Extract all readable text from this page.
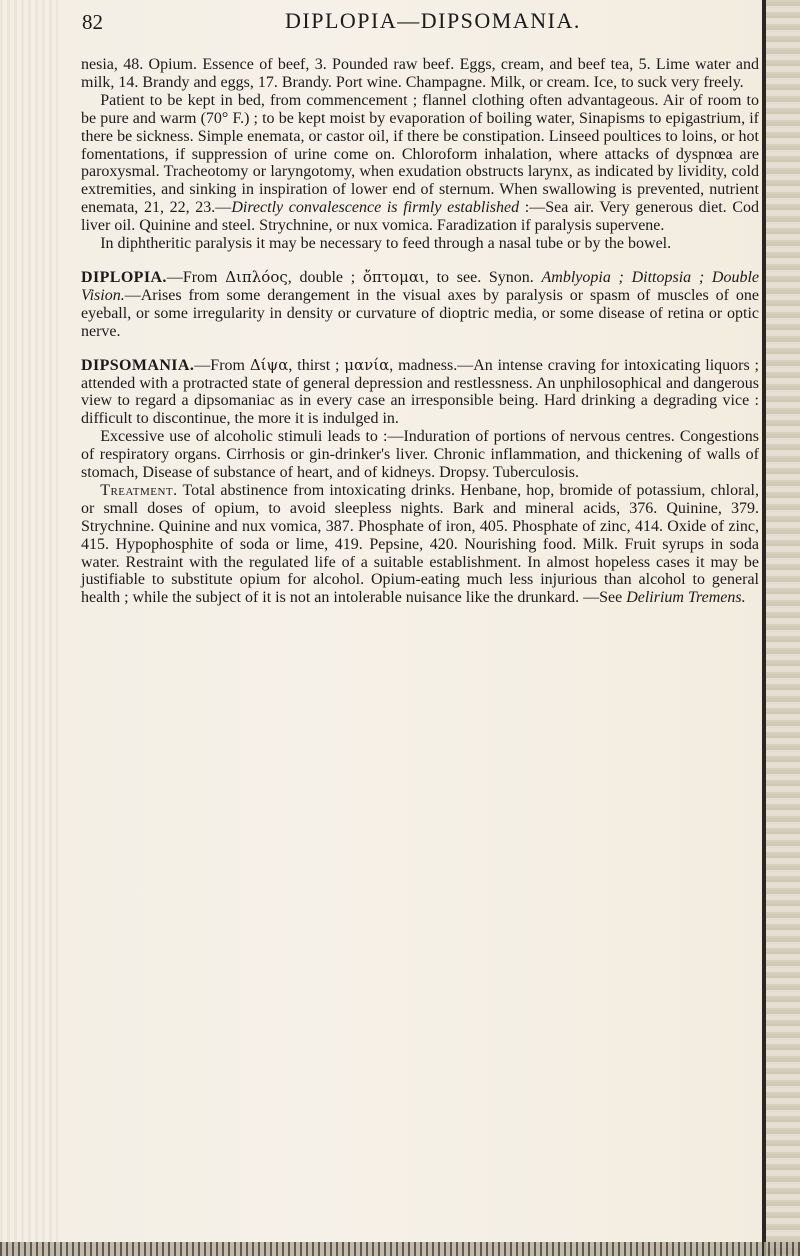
82	DIPLOPIA—DIPSOMANIA.

nesia, 48. Opium. Essence of beef, 3. Pounded raw beef. Eggs, cream, and beef tea, 5. Lime water and milk, 14. Brandy and eggs, 17. Brandy. Port wine. Champagne. Milk, or cream. Ice, to suck very freely.

Patient to be kept in bed, from commencement ; flannel clothing often advantageous. Air of room to be pure and warm (70° F.) ; to be kept moist by evaporation of boiling water, Sinapisms to epigastrium, if there be sickness. Simple enemata, or castor oil, if there be constipation. Linseed poultices to loins, or hot fomentations, if suppression of urine come on. Chloroform inhalation, where attacks of dyspnœa are paroxysmal. Tracheotomy or laryngotomy, when exudation obstructs larynx, as indicated by lividity, cold extremities, and sinking in inspiration of lower end of sternum. When swallowing is prevented, nutrient enemata, 21, 22, 23.—Directly convalescence is firmly established :—Sea air. Very generous diet. Cod liver oil. Quinine and steel. Strychnine, or nux vomica. Faradization if paralysis supervene.

In diphtheritic paralysis it may be necessary to feed through a nasal tube or by the bowel.

DIPLOPIA.—From Διπλόος, double ; ὄπτομαι, to see. Synon. Amblyopia ; Dittopsia ; Double Vision.—Arises from some derangement in the visual axes by paralysis or spasm of muscles of one eyeball, or some irregularity in density or curvature of dioptric media, or some disease of retina or optic nerve.

DIPSOMANIA.—From Δίψα, thirst ; μανία, madness.—An intense craving for intoxicating liquors ; attended with a protracted state of general depression and restlessness. An unphilosophical and dangerous view to regard a dipsomaniac as in every case an irresponsible being. Hard drinking a degrading vice : difficult to discontinue, the more it is indulged in.

Excessive use of alcoholic stimuli leads to :—Induration of portions of nervous centres. Congestions of respiratory organs. Cirrhosis or gin-drinker's liver. Chronic inflammation, and thickening of walls of stomach, Disease of substance of heart, and of kidneys. Dropsy. Tuberculosis.

Treatment. Total abstinence from intoxicating drinks. Henbane, hop, bromide of potassium, chloral, or small doses of opium, to avoid sleepless nights. Bark and mineral acids, 376. Quinine, 379. Strychnine. Quinine and nux vomica, 387. Phosphate of iron, 405. Phosphate of zinc, 414. Oxide of zinc, 415. Hypophosphite of soda or lime, 419. Pepsine, 420. Nourishing food. Milk. Fruit syrups in soda water. Restraint with the regulated life of a suitable establishment. In almost hopeless cases it may be justifiable to substitute opium for alcohol. Opium-eating much less injurious than alcohol to general health ; while the subject of it is not an intolerable nuisance like the drunkard. —See Delirium Tremens.
